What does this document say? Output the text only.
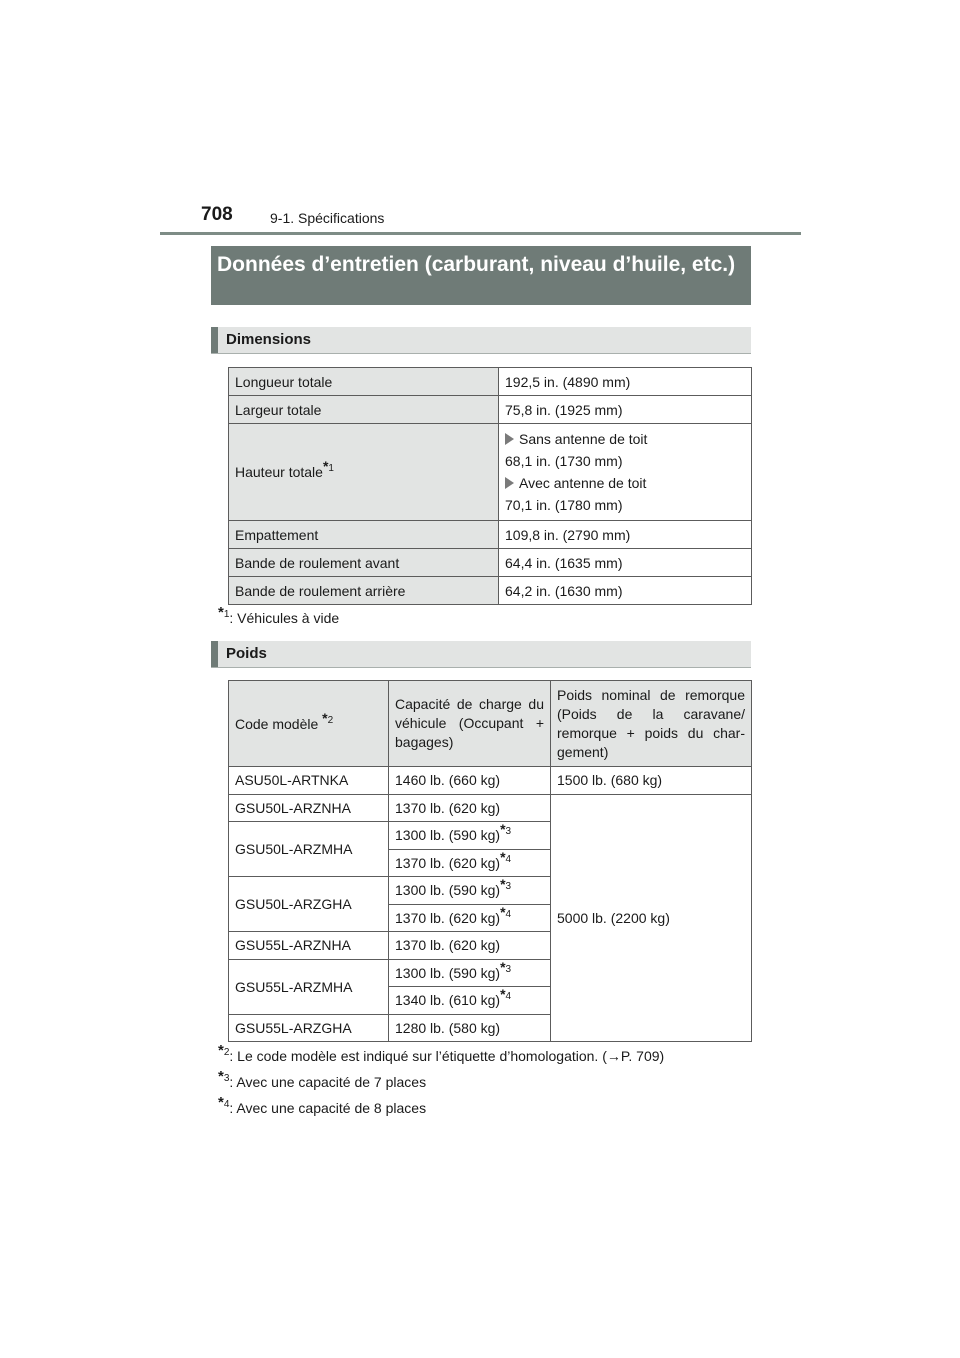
708	9-1. Spécifications
Données d’entretien (carburant, niveau d’huile, etc.)
Dimensions
Longueur totale	192,5 in. (4890 mm)
Largeur totale	75,8 in. (1925 mm)
Hauteur totale$^{*1}$	Sans antenne de toit
68,1 in. (1730 mm)
Avec antenne de toit
70,1 in. (1780 mm)

Empattement	109,8 in. (2790 mm)
Bande de roulement avant	64,4 in. (1635 mm)
Bande de roulement arrière	64,2 in. (1630 mm)
$^{*1}$: Véhicules à vide
Poids
Code modèle $^{*2}$	Capacité de charge du véhicule (Occupant + bagages)	Poids nominal de remorque (Poids de la caravane/ remorque + poids du char-gement)
ASU50L-ARTNKA	1460 lb. (660 kg)	1500 lb. (680 kg)
GSU50L-ARZNHA	1370 lb. (620 kg)	5000 lb. (2200 kg)
GSU50L-ARZMHA	1300 lb. (590 kg)$^{*3}$
	1370 lb. (620 kg)$^{*4}$
GSU50L-ARZGHA	1300 lb. (590 kg)$^{*3}$
	1370 lb. (620 kg)$^{*4}$
GSU55L-ARZNHA	1370 lb. (620 kg)	
GSU55L-ARZMHA	1300 lb. (590 kg)$^{*3}$
	1340 lb. (610 kg)$^{*4}$
GSU55L-ARZGHA	1280 lb. (580 kg)	
$^{*2}$: Le code modèle est indiqué sur l’étiquette d’homologation. (→P. 709)
$^{*3}$: Avec une capacité de 7 places
$^{*4}$: Avec une capacité de 8 places
